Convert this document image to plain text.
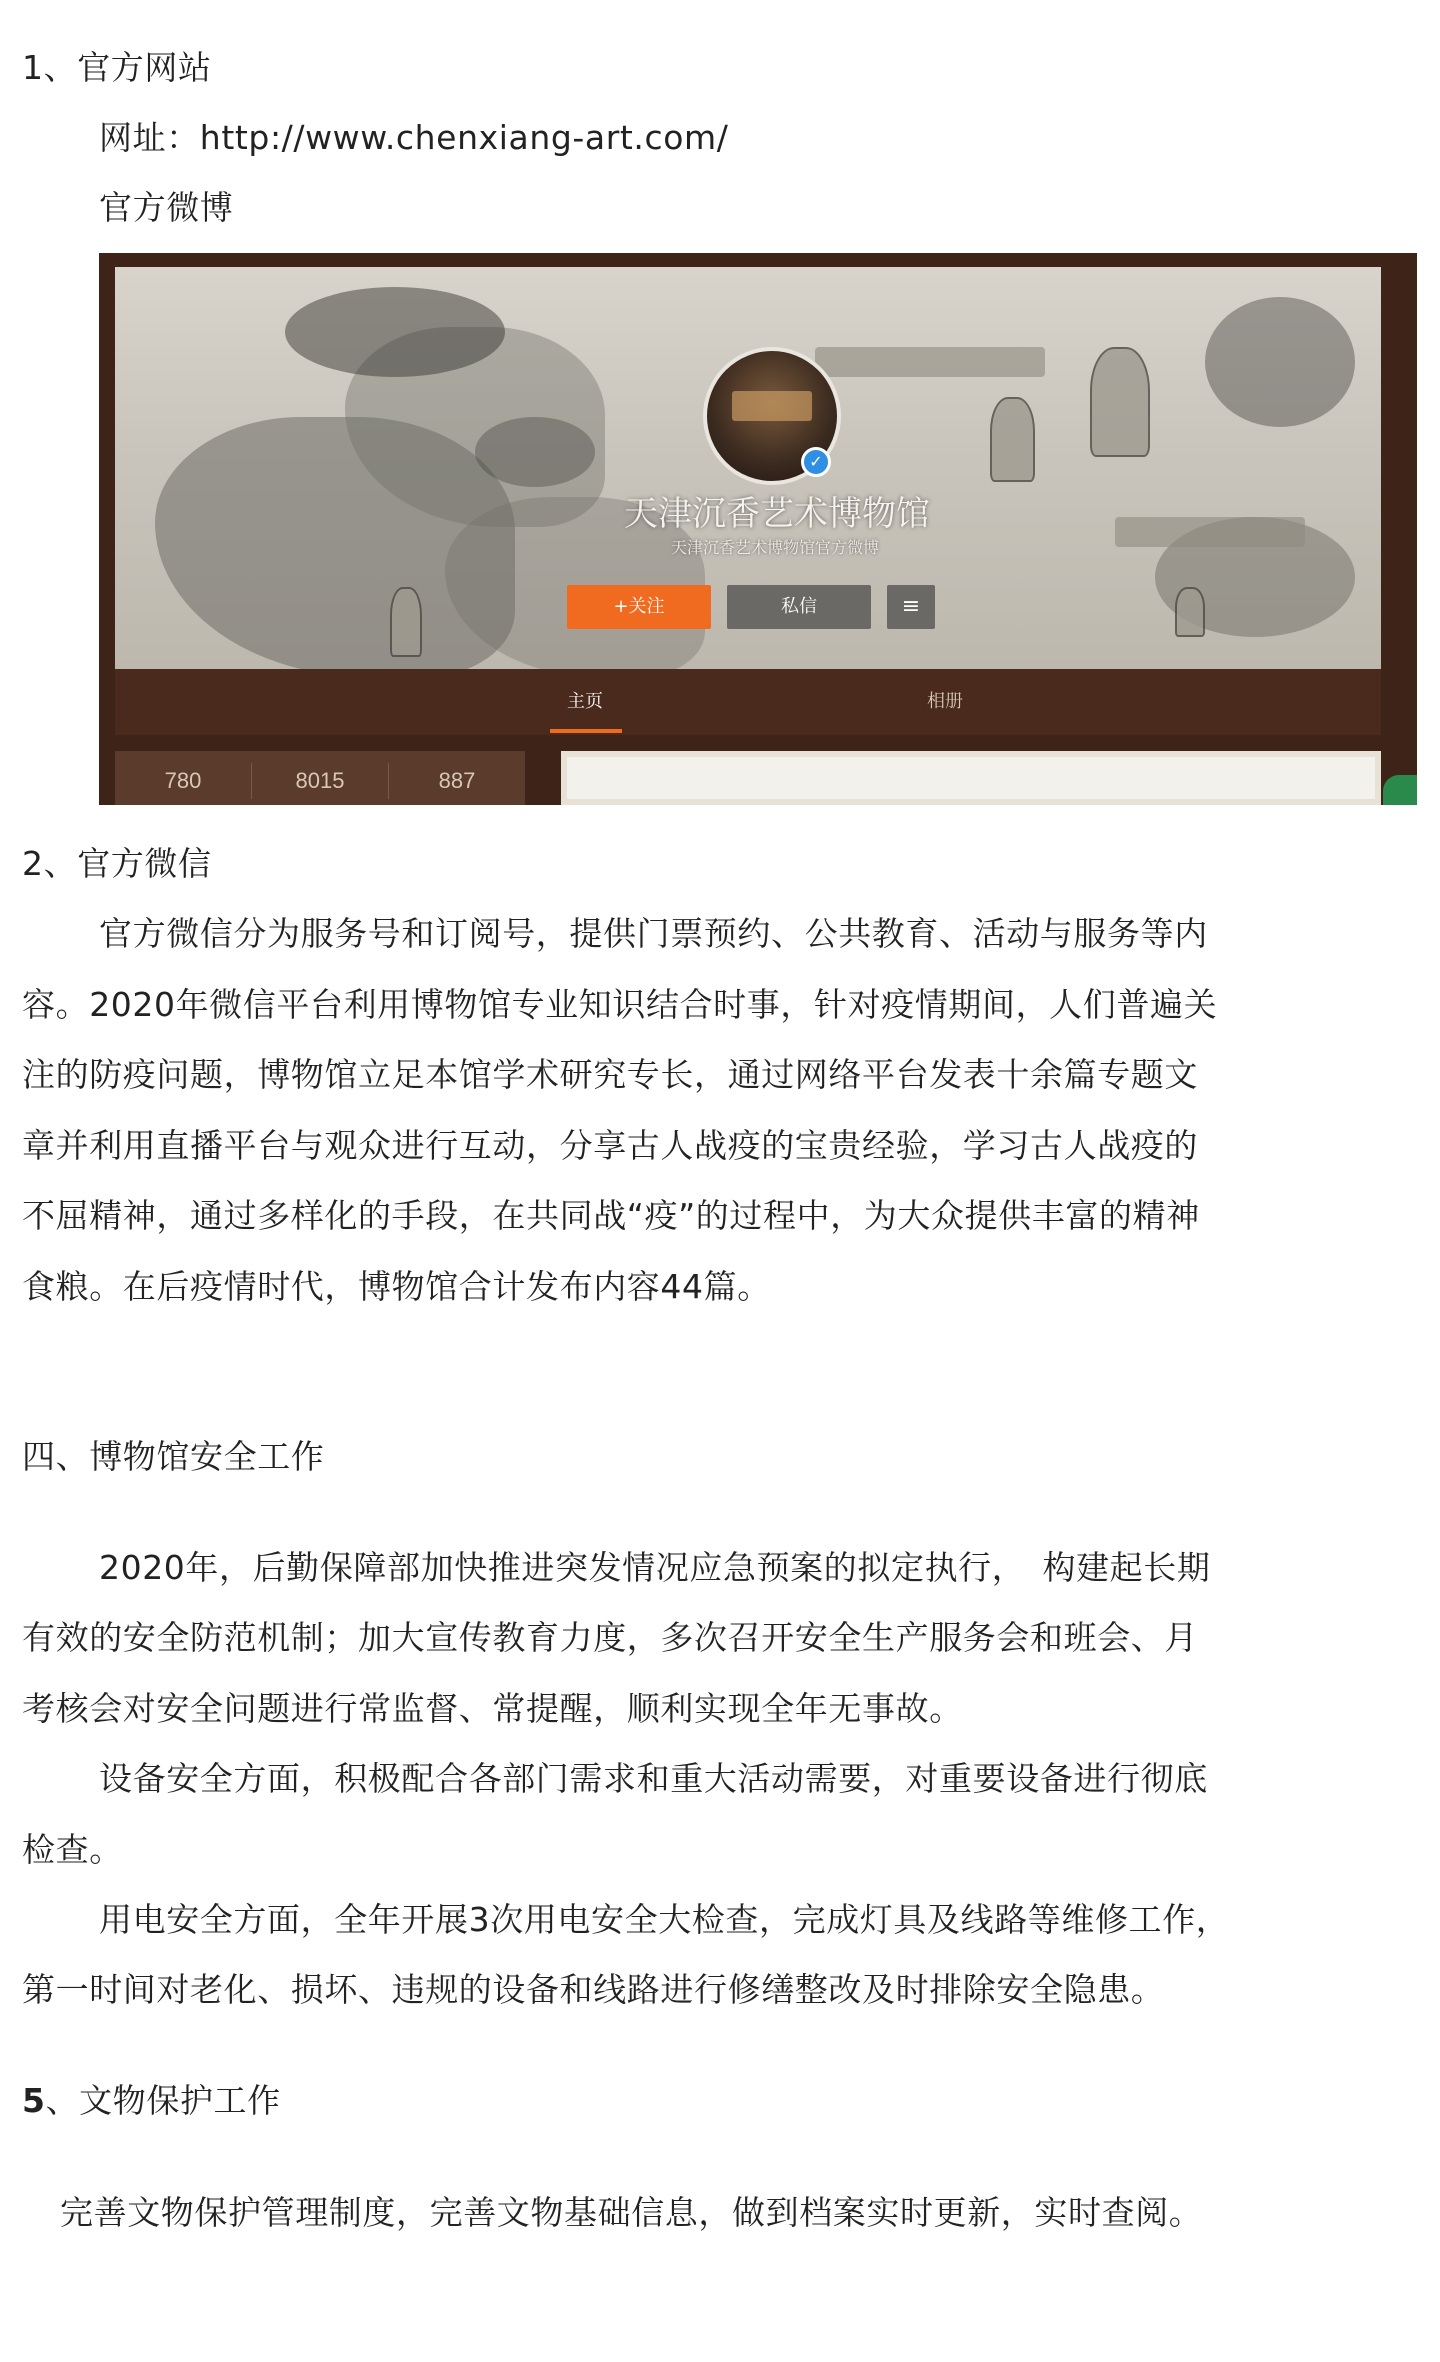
1、官方网站
网址：http://www.chenxiang-art.com/
官方微博
✓
天津沉香艺术博物馆
天津沉香艺术博物馆官方微博
+关注	私信	≡
主页	相册
780	8015	887
2、官方微信
官方微信分为服务号和订阅号，提供门票预约、公共教育、活动与服务等内
容。2020年微信平台利用博物馆专业知识结合时事，针对疫情期间，人们普遍关
注的防疫问题，博物馆立足本馆学术研究专长，通过网络平台发表十余篇专题文
章并利用直播平台与观众进行互动，分享古人战疫的宝贵经验，学习古人战疫的
不屈精神，通过多样化的手段，在共同战“疫”的过程中，为大众提供丰富的精神
食粮。在后疫情时代，博物馆合计发布内容44篇。
四、博物馆安全工作
2020年，后勤保障部加快推进突发情况应急预案的拟定执行，　构建起长期
有效的安全防范机制；加大宣传教育力度，多次召开安全生产服务会和班会、月
考核会对安全问题进行常监督、常提醒，顺利实现全年无事故。
设备安全方面，积极配合各部门需求和重大活动需要，对重要设备进行彻底
检查。
用电安全方面，全年开展3次用电安全大检查，完成灯具及线路等维修工作，
第一时间对老化、损坏、违规的设备和线路进行修缮整改及时排除安全隐患。
5、文物保护工作
完善文物保护管理制度，完善文物基础信息，做到档案实时更新，实时查阅。
